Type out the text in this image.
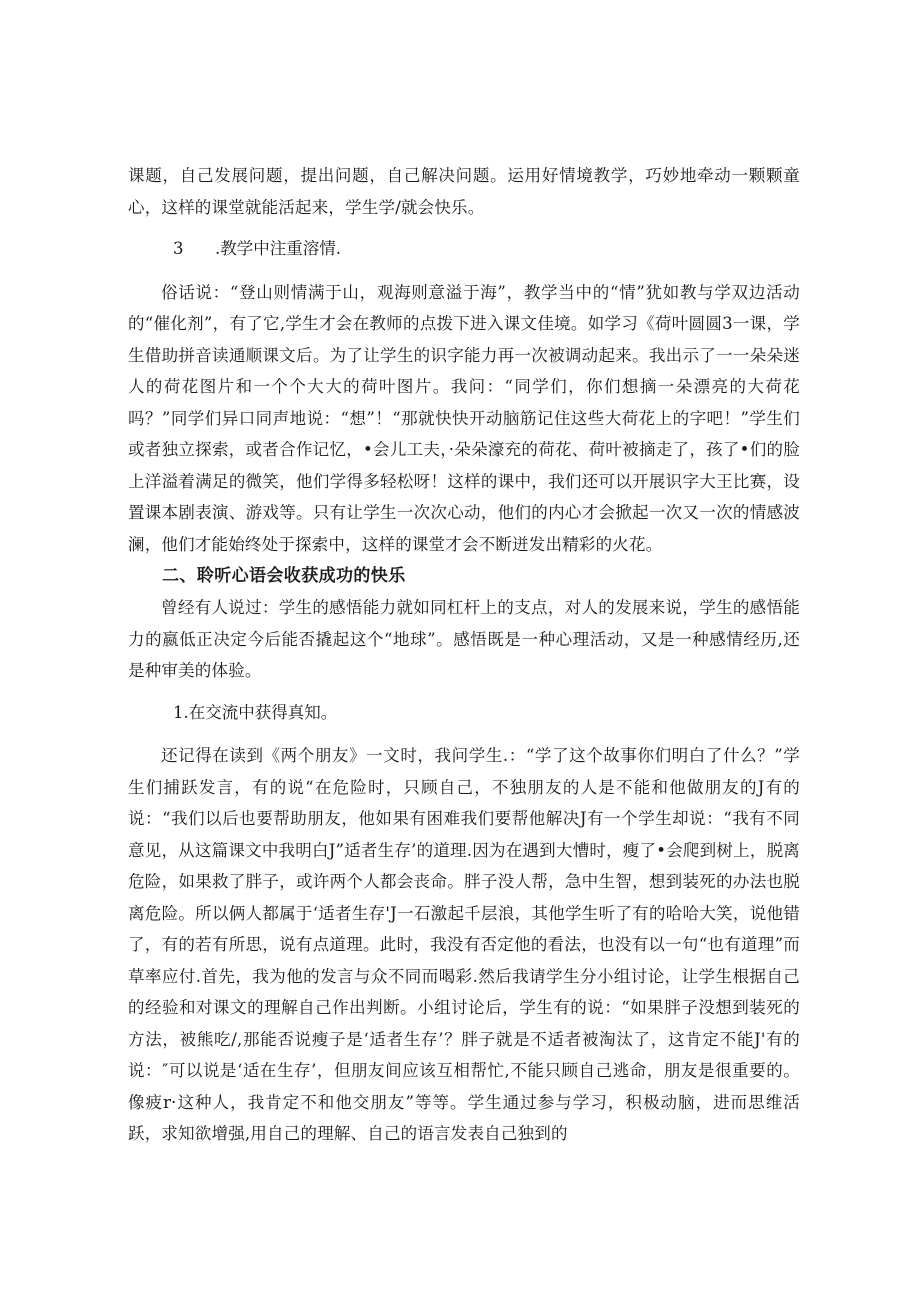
课题，自己发展问题，提出问题，自己解决问题。运用好情境教学，巧妙地牵动一颗颗童心，这样的课堂就能活起来，学生学/就会快乐。

3	.教学中注重溶情.

俗话说：“登山则情满于山，观海则意溢于海”，教学当中的“情”犹如教与学双边活动的“催化剂”，有了它,学生才会在教师的点拨下进入课文佳境。如学习《荷叶圆圆3一课，学生借助拼音读通顺课文后。为了让学生的识字能力再一次被调动起来。我出示了一一朵朵迷人的荷花图片和一个个大大的荷叶图片。我问：“同学们，你们想摘一朵漂亮的大荷花吗？”同学们异口同声地说：“想”！“那就快快开动脑筋记住这些大荷花上的字吧！”学生们或者独立探索，或者合作记忆，•会儿工夫，·朵朵濠充的荷花、荷叶被摘走了，孩了•们的脸上洋溢着满足的微笑，他们学得多轻松呀！这样的课中，我们还可以开展识字大王比赛，设置课本剧表演、游戏等。只有让学生一次次心动，他们的内心才会掀起一次又一次的情感波澜，他们才能始终处于探索中，这样的课堂才会不断迸发出精彩的火花。

二、聆听心语会收获成功的快乐

曾经有人说过：学生的感悟能力就如同杠杆上的支点，对人的发展来说，学生的感悟能力的嬴低正决定今后能否撬起这个“地球”。感悟既是一种心理活动，又是一种感情经历,还是种审美的体验。

1.在交流中获得真知。

还记得在读到《两个朋友》一文时，我问学生.：“学了这个故事你们明白了什么？”学生们捕跃发言，有的说“在危险时，只顾自己，不独朋友的人是不能和他做朋友的J有的说：“我们以后也要帮助朋友，他如果有困难我们要帮他解决J有一个学生却说：“我有不同意见，从这篇课文中我明白J”适者生存’的道理.因为在遇到大慒时，瘦了•会爬到树上，脱离危险，如果救了胖子，或许两个人都会丧命。胖子没人帮，急中生智，想到装死的办法也脱离危险。所以俩人都属于‘适者生存'J一石激起千层浪，其他学生听了有的哈哈大笑，说他错了，有的若有所思，说有点道理。此时，我没有否定他的看法，也没有以一句“也有道理”而草率应付.首先，我为他的发言与众不同而喝彩.然后我请学生分小组讨论，让学生根据自己的经验和对课文的理解自己作出判断。小组讨论后，学生有的说：“如果胖子没想到装死的方法，被熊吃/,那能否说瘦子是‘适者生存’？胖子就是不适者被淘汰了，这肯定不能J'有的说：″可以说是‘适在生存’，但朋友间应该互相帮忙,不能只顾自己逃命，朋友是很重要的。像疲r·这种人，我肯定不和他交朋友”等等。学生通过参与学习，积极动脑，进而思维活跃，求知欲增强,用自己的理解、自己的语言发表自己独到的
